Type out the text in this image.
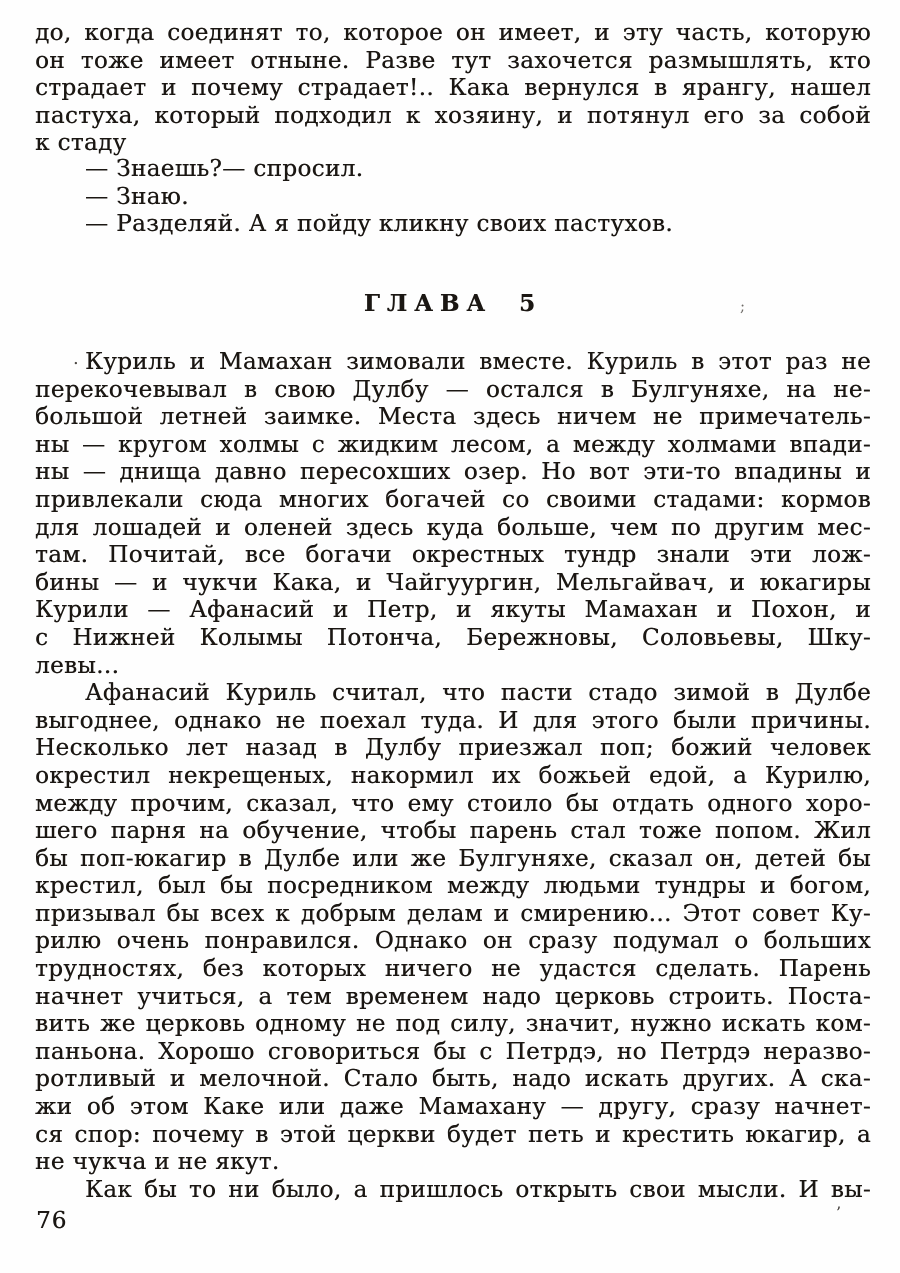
до, когда соединят то, которое он имеет, и эту часть, которую

он тоже имеет отныне. Разве тут захочется размышлять, кто

страдает и почему страдает!.. Кака вернулся в ярангу, нашел

пастуха, который подходил к хозяину, и потянул его за собой

к стаду

— Знаешь?— спросил.

— Знаю.

— Разделяй. А я пойду кликну своих пастухов.

ГЛАВА 5	;

Куриль и Мамахан зимовали вместе. Куриль в этот раз не

перекочевывал в свою Дулбу — остался в Булгуняхе, на не-

большой летней заимке. Места здесь ничем не примечатель-

ны — кругом холмы с жидким лесом, а между холмами впади-

ны — днища давно пересохших озер. Но вот эти-то впадины и

привлекали сюда многих богачей со своими стадами: кормов

для лошадей и оленей здесь куда больше, чем по другим мес-

там. Почитай, все богачи окрестных тундр знали эти лож-

бины — и чукчи Кака, и Чайгуургин, Мельгайвач, и юкагиры

Курили — Афанасий и Петр, и якуты Мамахан и Похон, и

с Нижней Колымы Потонча, Бережновы, Соловьевы, Шку-

левы...

Афанасий Куриль считал, что пасти стадо зимой в Дулбе

выгоднее, однако не поехал туда. И для этого были причины.

Несколько лет назад в Дулбу приезжал поп; божий человек

окрестил некрещеных, накормил их божьей едой, а Курилю,

между прочим, сказал, что ему стоило бы отдать одного хоро-

шего парня на обучение, чтобы парень стал тоже попом. Жил

бы поп-юкагир в Дулбе или же Булгуняхе, сказал он, детей бы

крестил, был бы посредником между людьми тундры и богом,

призывал бы всех к добрым делам и смирению... Этот совет Ку-

рилю очень понравился. Однако он сразу подумал о больших

трудностях, без которых ничего не удастся сделать. Парень

начнет учиться, а тем временем надо церковь строить. Поста-

вить же церковь одному не под силу, значит, нужно искать ком-

паньона. Хорошо сговориться бы с Петрдэ, но Петрдэ неразво-

ротливый и мелочной. Стало быть, надо искать других. А ска-

жи об этом Каке или даже Мамахану — другу, сразу начнет-

ся спор: почему в этой церкви будет петь и крестить юкагир, а

не чукча и не якут.

Как бы то ни было, а пришлось открыть свои мысли. И вы-

.
’
76
